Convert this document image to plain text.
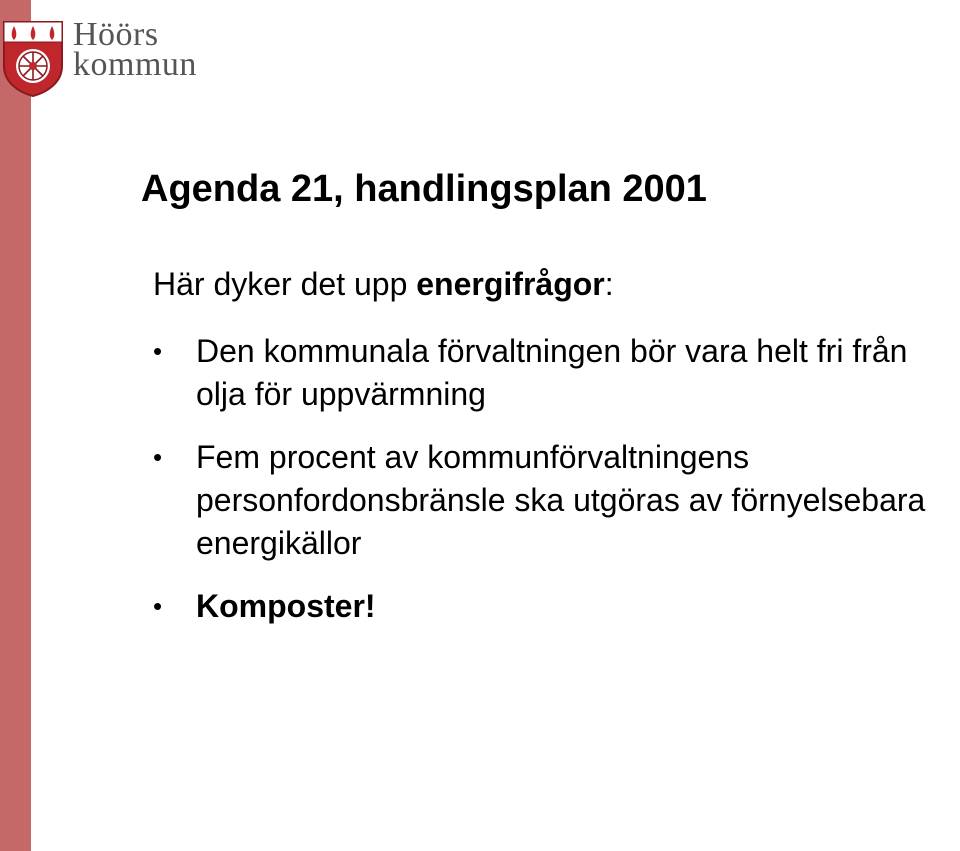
Höörs
kommun
Agenda 21, handlingsplan 2001

Här dyker det upp energifrågor:

• Den kommunala förvaltningen bör vara helt fri från olja för uppvärmning
• Fem procent av kommunförvaltningens personfordonsbränsle ska utgöras av förnyelsebara energikällor
• Komposter!
